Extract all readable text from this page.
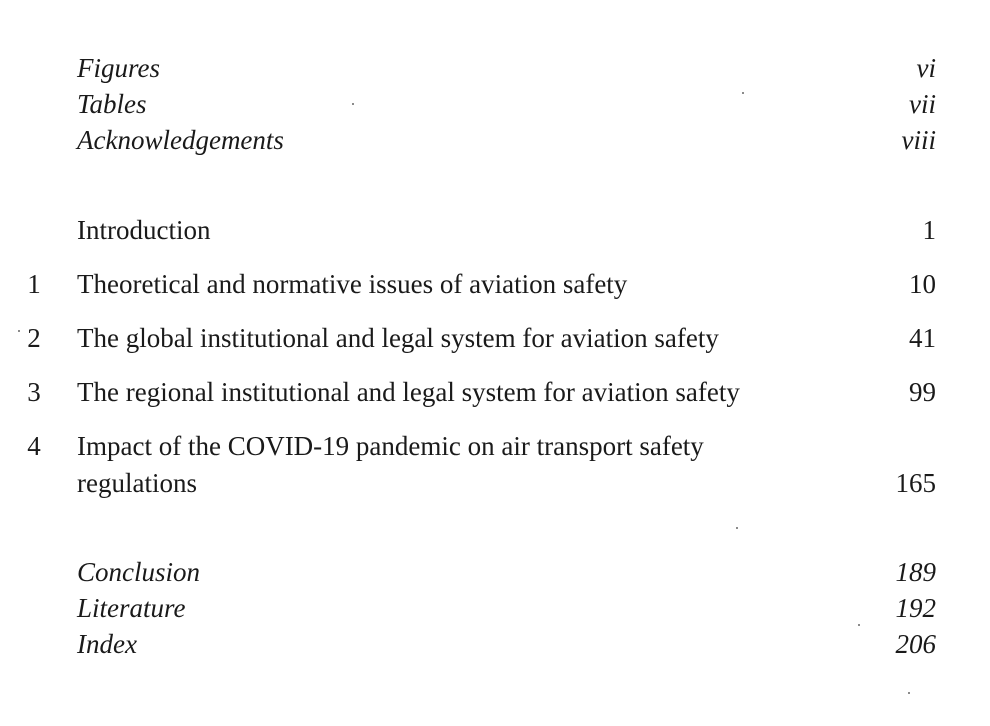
Figures	vi
Tables	vii
Acknowledgements	viii
Introduction	1
1 Theoretical and normative issues of aviation safety	10
2 The global institutional and legal system for aviation safety	41
3 The regional institutional and legal system for aviation safety	99
4 Impact of the COVID-19 pandemic on air transport safety
regulations	165
Conclusion	189
Literature	192
Index	206
